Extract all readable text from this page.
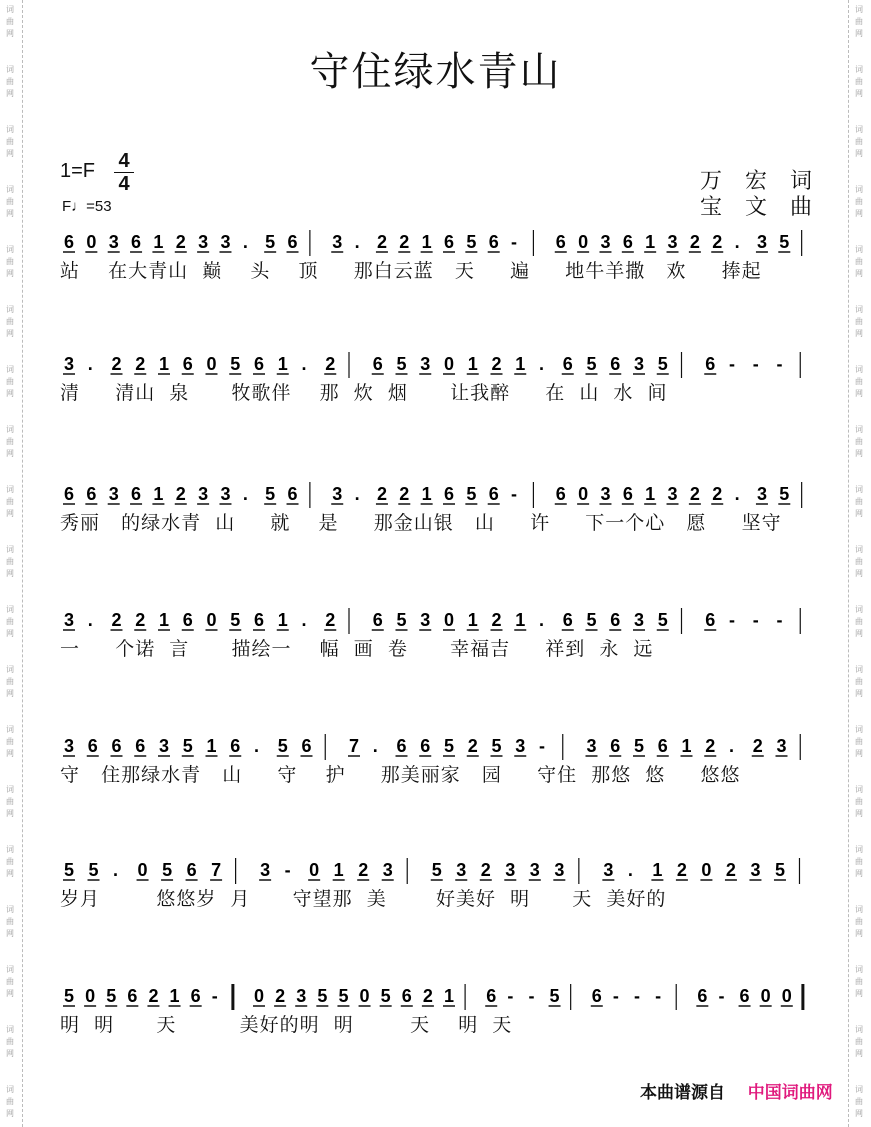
词
曲
网
词
曲
网
词
曲
网
词
曲
网
词
曲
网
词
曲
网
词
曲
网
词
曲
网
词
曲
网
词
曲
网
词
曲
网
词
曲
网
词
曲
网
词
曲
网
词
曲
网
词
曲
网
词
曲
网
词
曲
网
词
曲
网
词
曲
网
词
曲
网
词
曲
网
词
曲
网
词
曲
网
词
曲
网
词
曲
网
词
曲
网
词
曲
网
词
曲
网
词
曲
网
词
曲
网
词
曲
网
词
曲
网
词
曲
网
词
曲
网
词
曲
网
词
曲
网
词
曲
网
守住绿水青山
1=F 4
4
F♩=53
万 宏 词
宝 文 曲
6 0 3 6 1 2 3 3 . 5 6 3 . 2 2 1 6 5 6 - 6 0 3 6 1 3 2 2 . 3 5
站    在大青山  巅    头    顶     那白云蓝   天     遍     地牛羊撒   欢     捧起
3 . 2 2 1 6 0 5 6 1 . 2 6 5 3 0 1 2 1 . 6 5 6 3 5 6 - - -
清     清山  泉      牧歌伴    那  炊  烟      让我醉     在  山  水  间
6 6 3 6 1 2 3 3 . 5 6 3 . 2 2 1 6 5 6 - 6 0 3 6 1 3 2 2 . 3 5
秀丽   的绿水青  山     就    是     那金山银   山     许     下一个心   愿     坚守
3 . 2 2 1 6 0 5 6 1 . 2 6 5 3 0 1 2 1 . 6 5 6 3 5 6 - - -
一     个诺  言      描绘一    幅  画  卷      幸福吉     祥到  永  远
3 6 6 6 3 5 1 6 . 5 6 7 . 6 6 5 2 5 3 - 3 6 5 6 1 2 . 2 3
守   住那绿水青   山     守    护     那美丽家   园     守住  那悠  悠     悠悠
5 5 . 0 5 6 7 3 - 0 1 2 3 5 3 2 3 3 3 3 . 1 2 0 2 3 5
岁月        悠悠岁  月      守望那  美       好美好  明      天  美好的
5 0 5 6 2 1 6 - 0 2 3 5 5 0 5 6 2 1 6 - - 5 6 - - - 6 - 6 0 0
明  明      天         美好的明  明        天    明  天
本曲谱源自 中国词曲网
